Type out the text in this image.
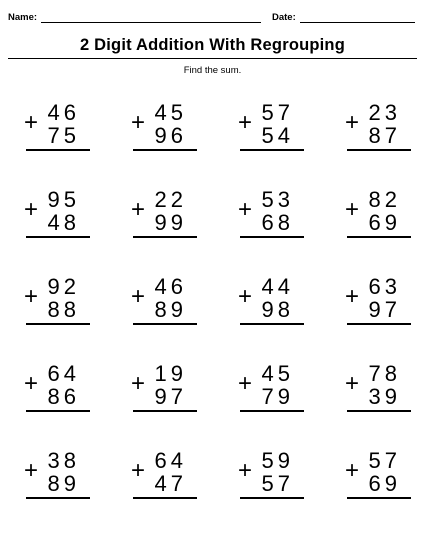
Name:	Date:
2 Digit Addition With Regrouping
Find the sum.
+ 46
75 + 45
96 + 57
54 + 23
87
+ 95
48 + 22
99 + 53
68 + 82
69
+ 92
88 + 46
89 + 44
98 + 63
97
+ 64
86 + 19
97 + 45
79 + 78
39
+ 38
89 + 64
47 + 59
57 + 57
69
